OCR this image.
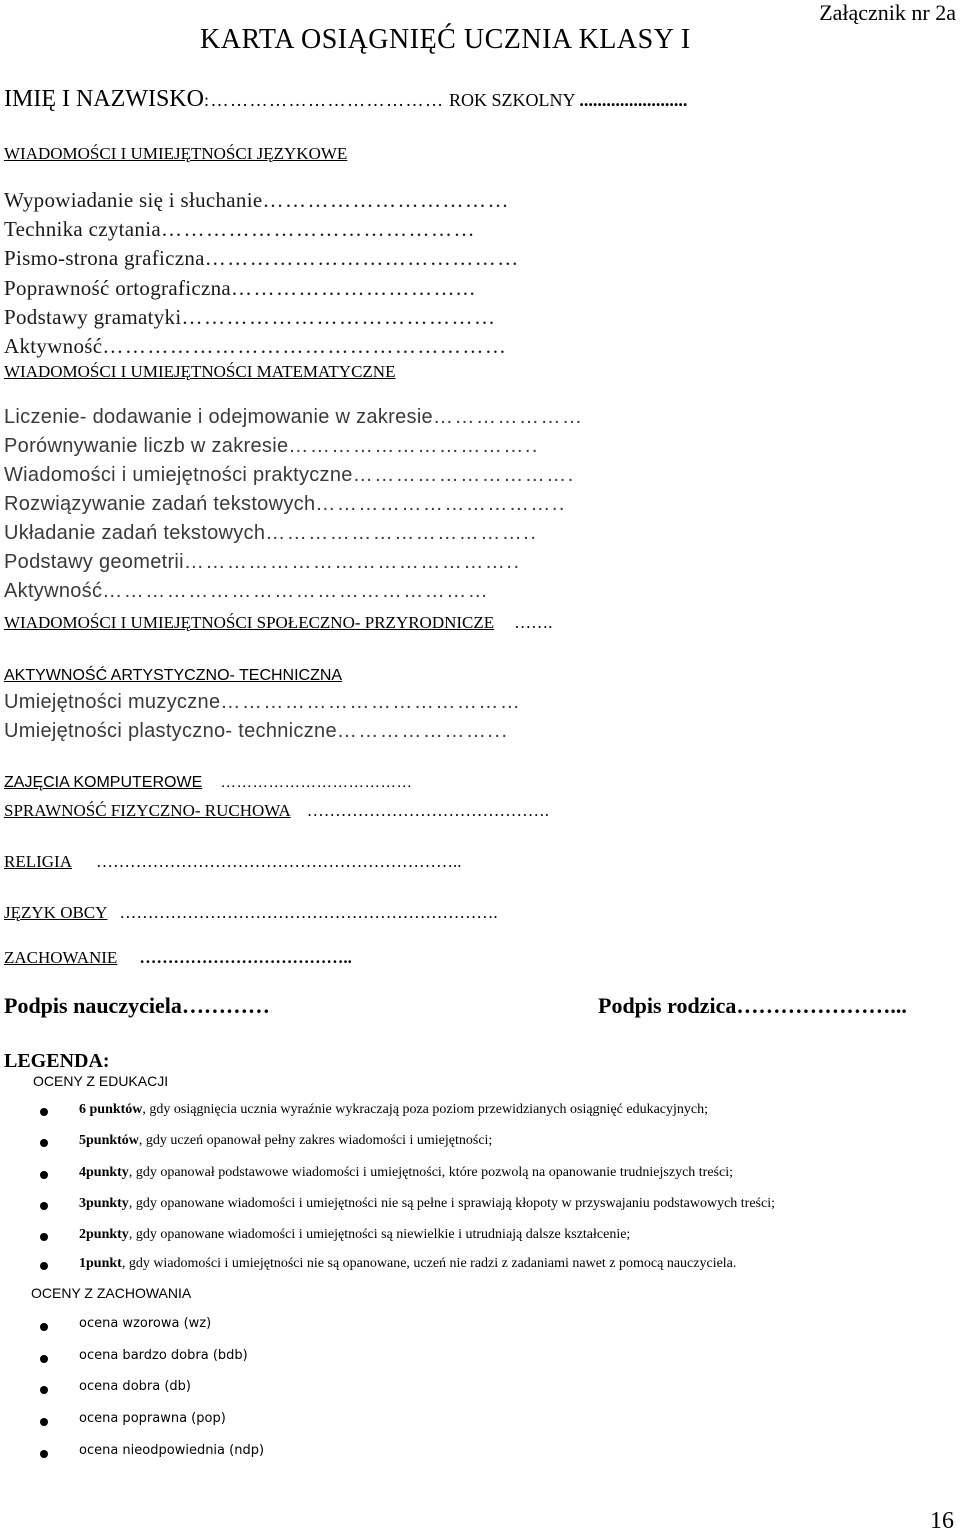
Załącznik nr 2a
KARTA OSIĄGNIĘĆ UCZNIA KLASY I
IMIĘ I NAZWISKO:……………………………… ROK SZKOLNY ........................
WIADOMOŚCI I UMIEJĘTNOŚCI JĘZYKOWE
Wypowiadanie się i słuchanie……………………………
Technika czytania……………………………………
Pismo-strona graficzna……………………………………
Poprawność ortograficzna…………………………...
Podstawy gramatyki……………………………………
Aktywność………………………………………………
WIADOMOŚCI I UMIEJĘTNOŚCI MATEMATYCZNE
Liczenie- dodawanie i odejmowanie w zakresie…………………
Porównywanie liczb w zakresie……………………………..
Wiadomości i umiejętności praktyczne………………………….
Rozwiązywanie zadań tekstowych……………………………..
Układanie zadań tekstowych………………………………..
Podstawy geometrii………………………………………..
Aktywność………………………………………………
WIADOMOŚCI I UMIEJĘTNOŚCI SPOŁECZNO- PRZYRODNICZE …….
AKTYWNOŚĆ ARTYSTYCZNO- TECHNICZNA
Umiejętności muzyczne……………………………………
Umiejętności plastyczno- techniczne…………………...
ZAJĘCIA KOMPUTEROWE ………………………………
SPRAWNOŚĆ FIZYCZNO- RUCHOWA …………………………………….
RELIGIA ………………………………………………………..
JĘZYK OBCY ………………………………………………………….
ZACHOWANIE ………………………………..
Podpis nauczyciela…………	Podpis rodzica…………………...
LEGENDA:
OCENY Z EDUKACJI
6 punktów, gdy osiągnięcia ucznia wyraźnie wykraczają poza poziom przewidzianych osiągnięć edukacyjnych;
5punktów, gdy uczeń opanował pełny zakres wiadomości i umiejętności;
4punkty, gdy opanował podstawowe wiadomości i umiejętności, które pozwolą na opanowanie trudniejszych treści;
3punkty, gdy opanowane wiadomości i umiejętności nie są pełne i sprawiają kłopoty w przyswajaniu podstawowych treści;
2punkty, gdy opanowane wiadomości i umiejętności są niewielkie i utrudniają dalsze kształcenie;
1punkt, gdy wiadomości i umiejętności nie są opanowane, uczeń nie radzi z zadaniami nawet z pomocą nauczyciela.
OCENY Z ZACHOWANIA
ocena wzorowa (wz)
ocena bardzo dobra (bdb)
ocena dobra (db)
ocena poprawna (pop)
ocena nieodpowiednia (ndp)
16
